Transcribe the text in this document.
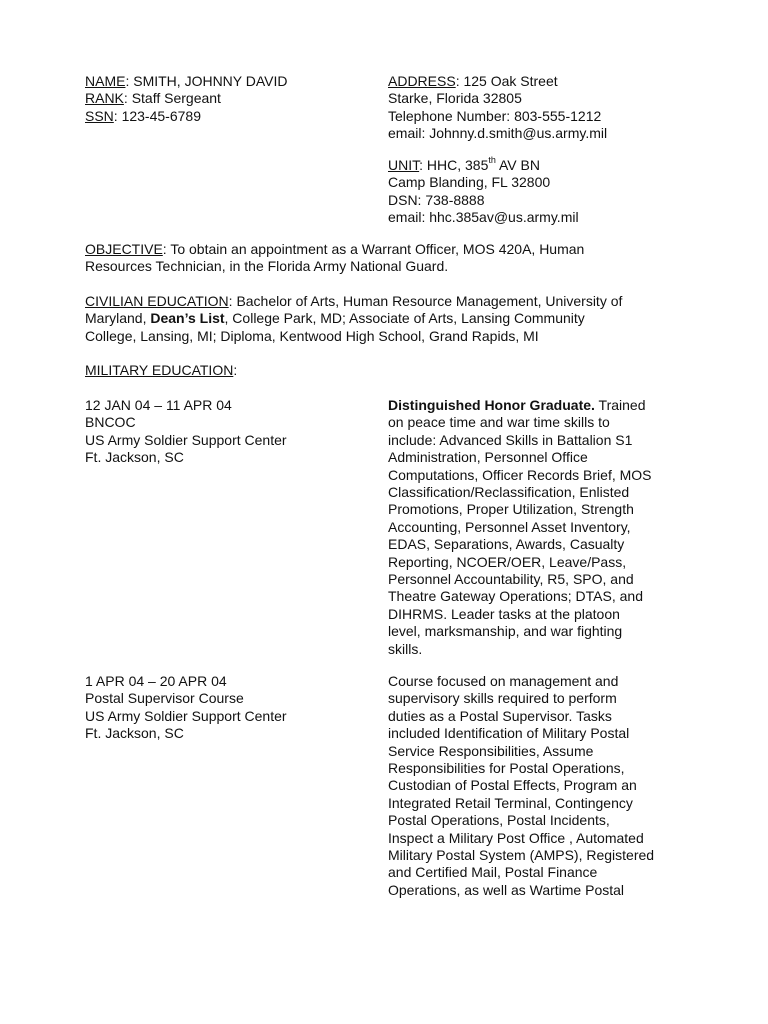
NAME: SMITH, JOHNNY DAVID
RANK: Staff Sergeant
SSN: 123-45-6789
ADDRESS: 125 Oak Street
Starke, Florida 32805
Telephone Number: 803-555-1212
email: Johnny.d.smith@us.army.mil
UNIT: HHC, 385th AV BN
Camp Blanding, FL 32800
DSN: 738-8888
email: hhc.385av@us.army.mil
OBJECTIVE: To obtain an appointment as a Warrant Officer, MOS 420A, Human
Resources Technician, in the Florida Army National Guard.
CIVILIAN EDUCATION: Bachelor of Arts, Human Resource Management, University of
Maryland, Dean’s List, College Park, MD; Associate of Arts, Lansing Community
College, Lansing, MI; Diploma, Kentwood High School, Grand Rapids, MI
MILITARY EDUCATION:
12 JAN 04 – 11 APR 04
BNCOC
US Army Soldier Support Center
Ft. Jackson, SC
Distinguished Honor Graduate. Trained
on peace time and war time skills to
include: Advanced Skills in Battalion S1
Administration, Personnel Office
Computations, Officer Records Brief, MOS
Classification/Reclassification, Enlisted
Promotions, Proper Utilization, Strength
Accounting, Personnel Asset Inventory,
EDAS, Separations, Awards, Casualty
Reporting, NCOER/OER, Leave/Pass,
Personnel Accountability, R5, SPO, and
Theatre Gateway Operations; DTAS, and
DIHRMS. Leader tasks at the platoon
level, marksmanship, and war fighting
skills.
1 APR 04 – 20 APR 04
Postal Supervisor Course
US Army Soldier Support Center
Ft. Jackson, SC
Course focused on management and
supervisory skills required to perform
duties as a Postal Supervisor. Tasks
included Identification of Military Postal
Service Responsibilities, Assume
Responsibilities for Postal Operations,
Custodian of Postal Effects, Program an
Integrated Retail Terminal, Contingency
Postal Operations, Postal Incidents,
Inspect a Military Post Office , Automated
Military Postal System (AMPS), Registered
and Certified Mail, Postal Finance
Operations, as well as Wartime Postal
